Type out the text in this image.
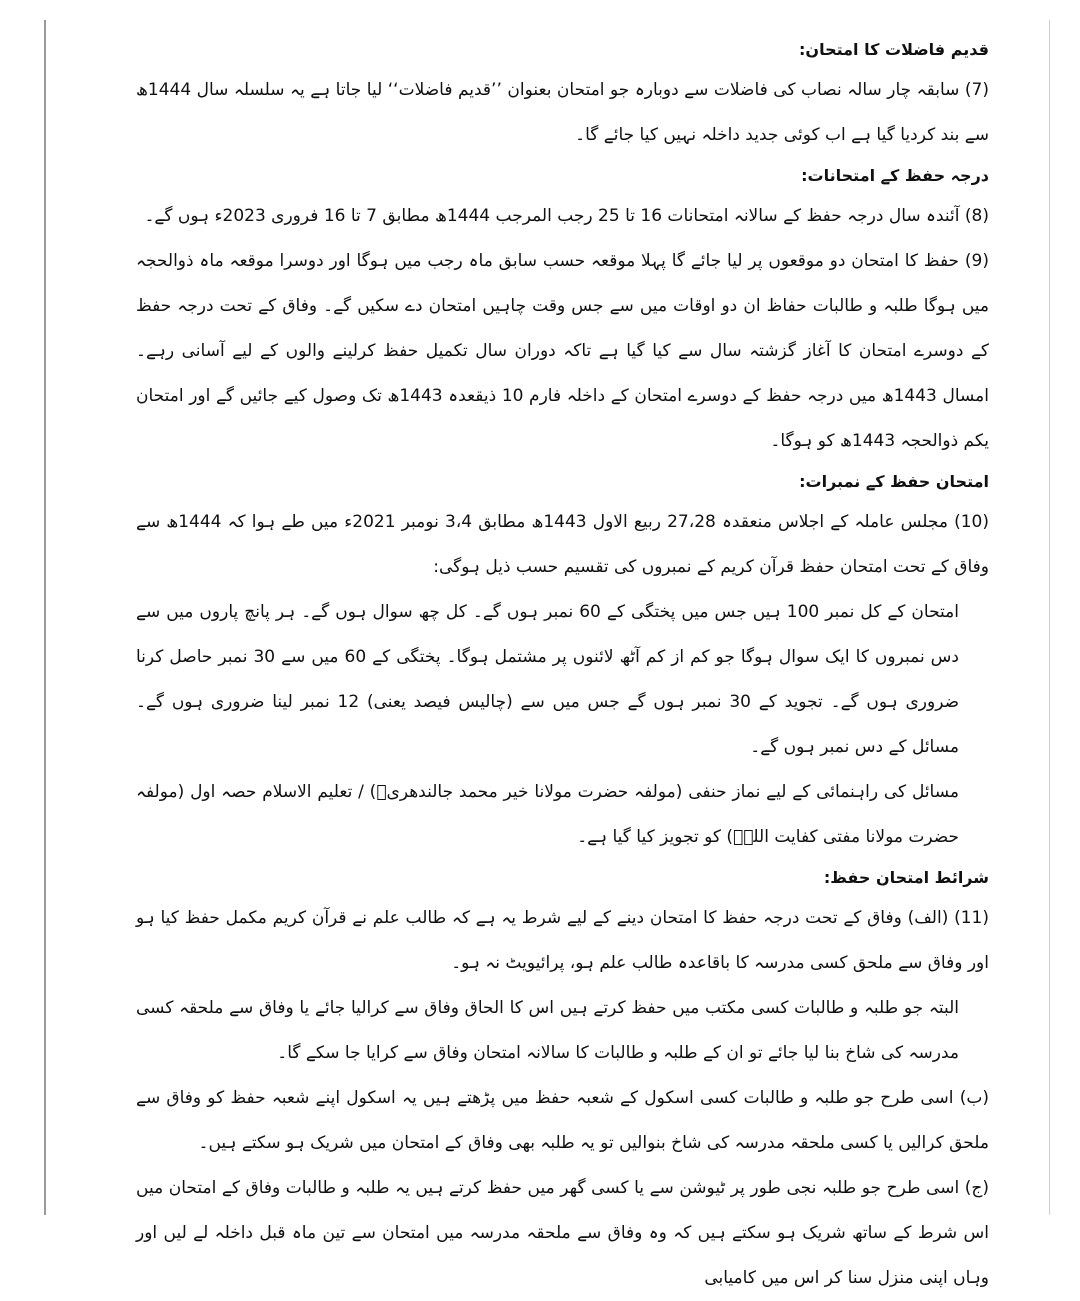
قدیم فاضلات کا امتحان:

(7) سابقہ چار سالہ نصاب کی فاضلات سے دوبارہ جو امتحان بعنوان ’’قدیم فاضلات‘‘ لیا جاتا ہے یہ سلسلہ سال 1444ھ سے بند کردیا گیا ہے اب کوئی جدید داخلہ نہیں کیا جائے گا۔

درجہ حفظ کے امتحانات:

(8) آئندہ سال درجہ حفظ کے سالانہ امتحانات 16 تا 25 رجب المرجب 1444ھ مطابق 7 تا 16 فروری 2023ء ہوں گے۔

(9) حفظ کا امتحان دو موقعوں پر لیا جائے گا پہلا موقعہ حسب سابق ماہ رجب میں ہوگا اور دوسرا موقعہ ماہ ذوالحجہ میں ہوگا طلبہ و طالبات حفاظ ان دو اوقات میں سے جس وقت چاہیں امتحان دے سکیں گے۔ وفاق کے تحت درجہ حفظ کے دوسرے امتحان کا آغاز گزشتہ سال سے کیا گیا ہے تاکہ دوران سال تکمیل حفظ کرلینے والوں کے لیے آسانی رہے۔ امسال 1443ھ میں درجہ حفظ کے دوسرے امتحان کے داخلہ فارم 10 ذیقعدہ 1443ھ تک وصول کیے جائیں گے اور امتحان یکم ذوالحجہ 1443ھ کو ہوگا۔

امتحان حفظ کے نمبرات:

(10) مجلس عاملہ کے اجلاس منعقدہ 27،28 ربیع الاول 1443ھ مطابق 3،4 نومبر 2021ء میں طے ہوا کہ 1444ھ سے وفاق کے تحت امتحان حفظ قرآن کریم کے نمبروں کی تقسیم حسب ذیل ہوگی:

امتحان کے کل نمبر 100 ہیں جس میں پختگی کے 60 نمبر ہوں گے۔ کل چھ سوال ہوں گے۔ ہر پانچ پاروں میں سے دس نمبروں کا ایک سوال ہوگا جو کم از کم آٹھ لائنوں پر مشتمل ہوگا۔ پختگی کے 60 میں سے 30 نمبر حاصل کرنا ضروری ہوں گے۔ تجوید کے 30 نمبر ہوں گے جس میں سے (چالیس فیصد یعنی) 12 نمبر لینا ضروری ہوں گے۔ مسائل کے دس نمبر ہوں گے۔

مسائل کی راہنمائی کے لیے نماز حنفی (مولفہ حضرت مولانا خیر محمد جالندھریؒ) / تعلیم الاسلام حصہ اول (مولفہ حضرت مولانا مفتی کفایت اللہؒ) کو تجویز کیا گیا ہے۔

شرائط امتحان حفظ:

(11) (الف) وفاق کے تحت درجہ حفظ کا امتحان دینے کے لیے شرط یہ ہے کہ طالب علم نے قرآن کریم مکمل حفظ کیا ہو اور وفاق سے ملحق کسی مدرسہ کا باقاعدہ طالب علم ہو، پرائیویٹ نہ ہو۔

البتہ جو طلبہ و طالبات کسی مکتب میں حفظ کرتے ہیں اس کا الحاق وفاق سے کرالیا جائے یا وفاق سے ملحقہ کسی مدرسہ کی شاخ بنا لیا جائے تو ان کے طلبہ و طالبات کا سالانہ امتحان وفاق سے کرایا جا سکے گا۔

(ب) اسی طرح جو طلبہ و طالبات کسی اسکول کے شعبہ حفظ میں پڑھتے ہیں یہ اسکول اپنے شعبہ حفظ کو وفاق سے ملحق کرالیں یا کسی ملحقہ مدرسہ کی شاخ بنوالیں تو یہ طلبہ بھی وفاق کے امتحان میں شریک ہو سکتے ہیں۔

(ج) اسی طرح جو طلبہ نجی طور پر ٹیوشن سے یا کسی گھر میں حفظ کرتے ہیں یہ طلبہ و طالبات وفاق کے امتحان میں اس شرط کے ساتھ شریک ہو سکتے ہیں کہ وہ وفاق سے ملحقہ مدرسہ میں امتحان سے تین ماہ قبل داخلہ لے لیں اور وہاں اپنی منزل سنا کر اس میں کامیابی
